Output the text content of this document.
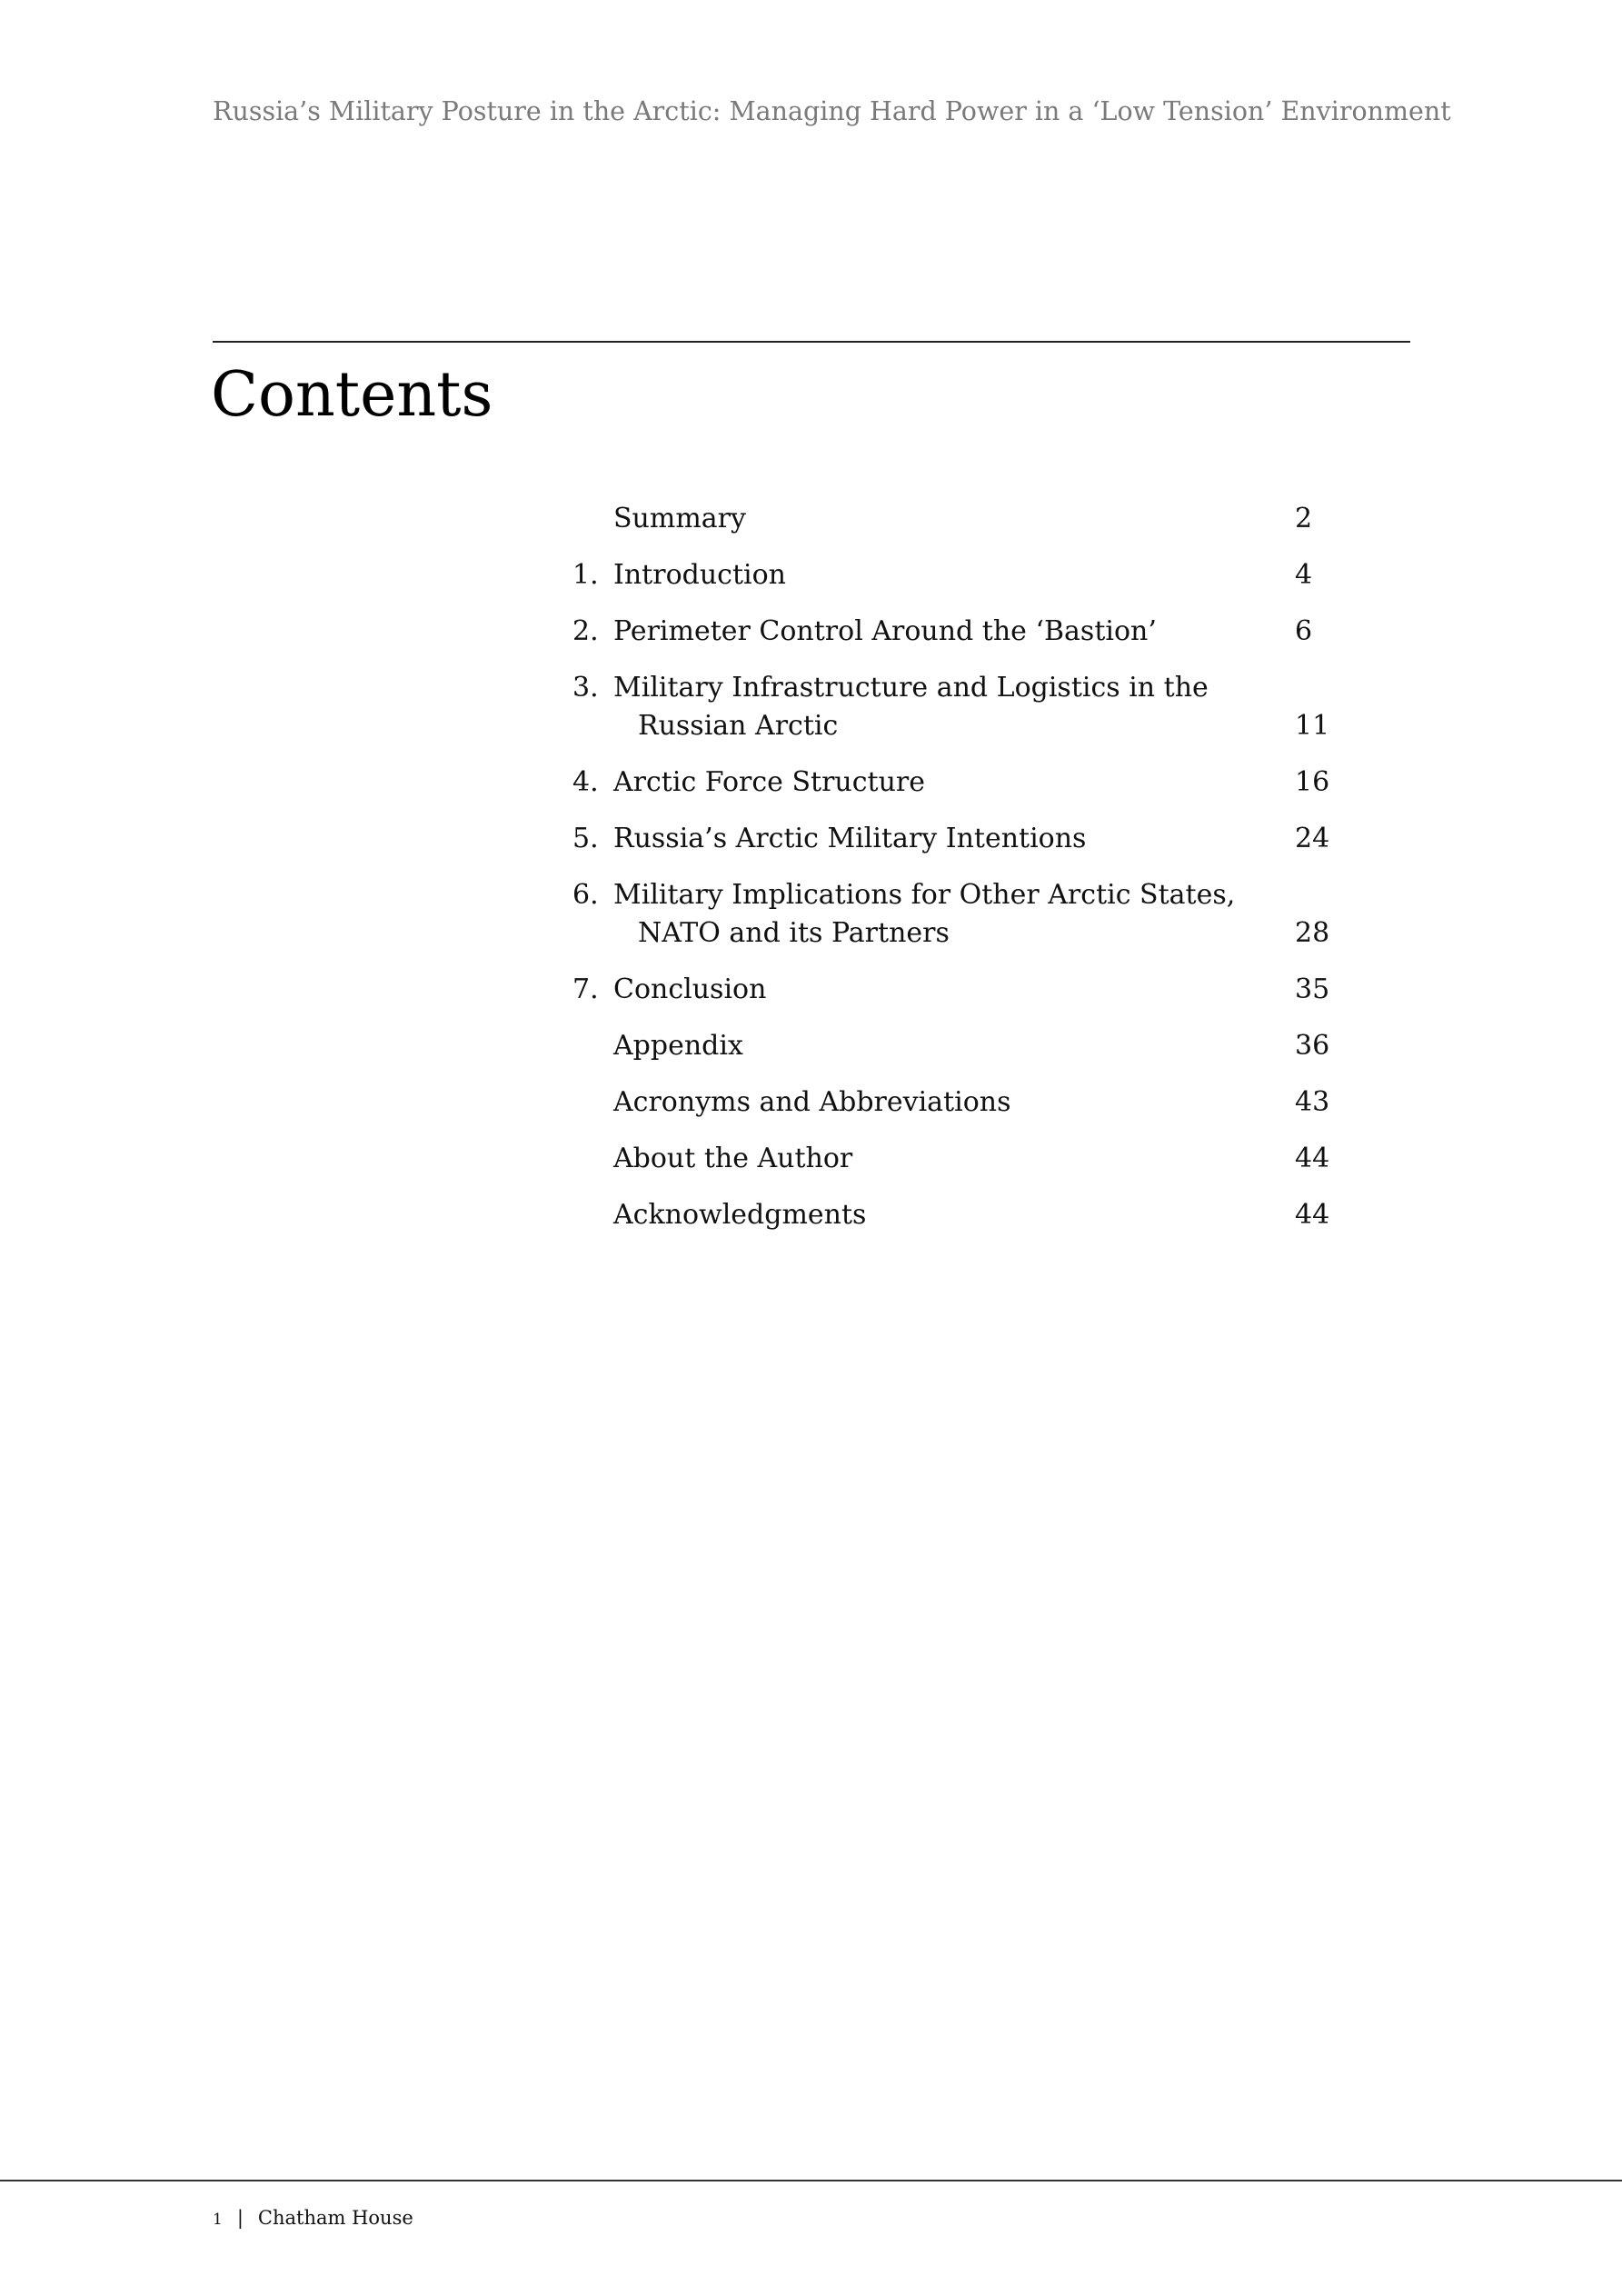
Russia’s Military Posture in the Arctic: Managing Hard Power in a ‘Low Tension’ Environment
Contents
Summary	2
1. Introduction	4
2. Perimeter Control Around the ‘Bastion’	6
3. Military Infrastructure and Logistics in the
Russian Arctic	11
4. Arctic Force Structure	16
5. Russia’s Arctic Military Intentions	24
6. Military Implications for Other Arctic States,
NATO and its Partners	28
7. Conclusion	35
Appendix	36
Acronyms and Abbreviations	43
About the Author	44
Acknowledgments	44
1 | Chatham House
